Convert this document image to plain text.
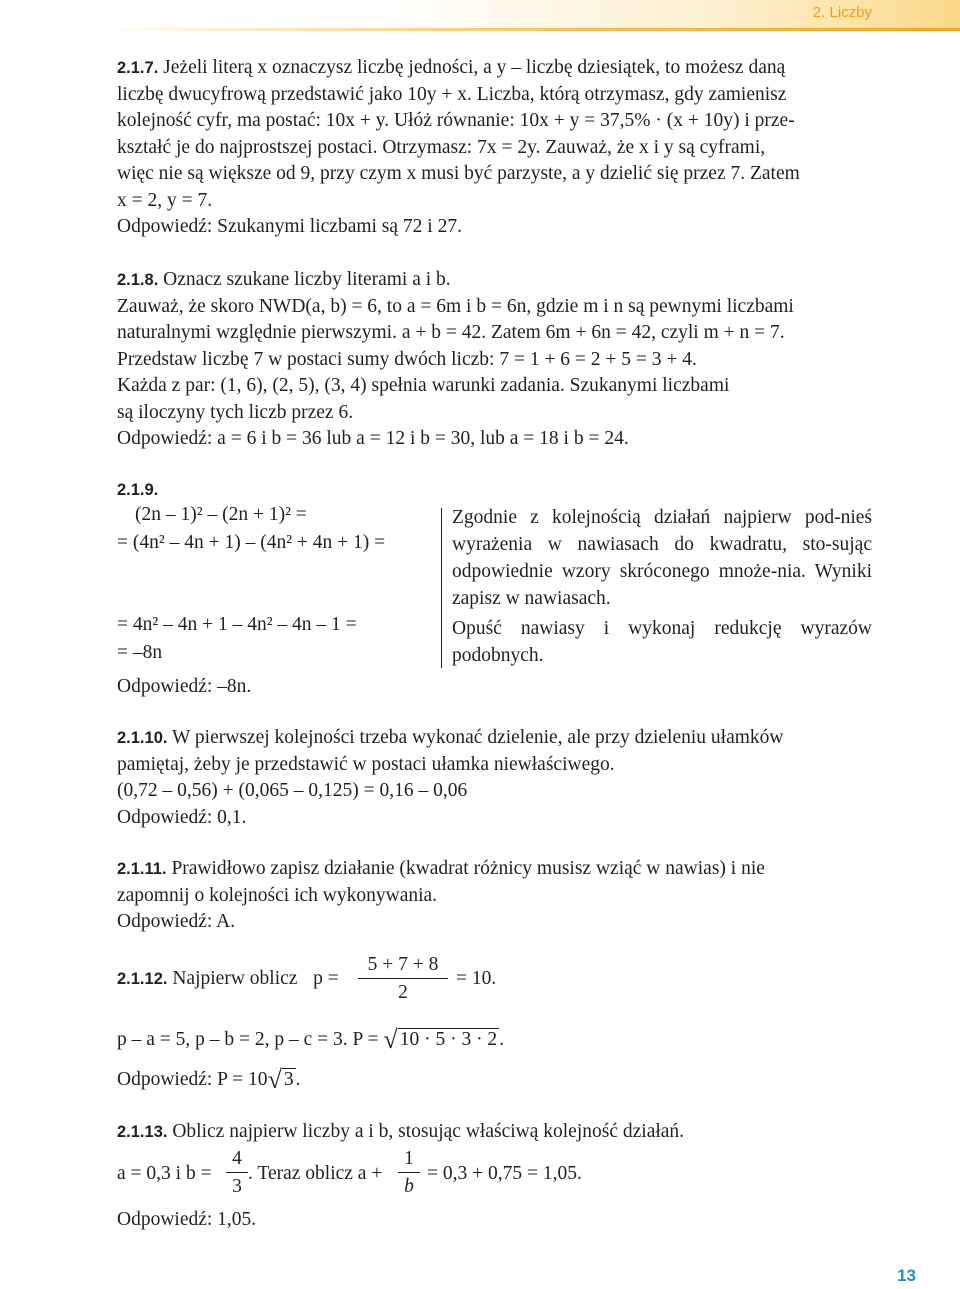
2. Liczby

2.1.7. Jeżeli literą x oznaczysz liczbę jedności, a y – liczbę dziesiątek, to możesz daną

liczbę dwucyfrową przedstawić jako 10y + x. Liczba, którą otrzymasz, gdy zamienisz

kolejność cyfr, ma postać: 10x + y. Ułóż równanie: 10x + y = 37,5% · (x + 10y) i prze-

kształć je do najprostszej postaci. Otrzymasz: 7x = 2y. Zauważ, że x i y są cyframi,

więc nie są większe od 9, przy czym x musi być parzyste, a y dzielić się przez 7. Zatem

x = 2, y = 7.

Odpowiedź: Szukanymi liczbami są 72 i 27.

2.1.8. Oznacz szukane liczby literami a i b.

Zauważ, że skoro NWD(a, b) = 6, to a = 6m i b = 6n, gdzie m i n są pewnymi liczbami

naturalnymi względnie pierwszymi. a + b = 42. Zatem 6m + 6n = 42, czyli m + n = 7.

Przedstaw liczbę 7 w postaci sumy dwóch liczb: 7 = 1 + 6 = 2 + 5 = 3 + 4.

Każda z par: (1, 6), (2, 5), (3, 4) spełnia warunki zadania. Szukanymi liczbami

są iloczyny tych liczb przez 6.

Odpowiedź: a = 6 i b = 36 lub a = 12 i b = 30, lub a = 18 i b = 24.

2.1.9.
(2n – 1)² – (2n + 1)² =
= (4n² – 4n + 1) – (4n² + 4n + 1) =
= 4n² – 4n + 1 – 4n² – 4n – 1 =
= –8n
Odpowiedź: –8n.
Zgodnie z kolejnością działań najpierw pod-nieś wyrażenia w nawiasach do kwadratu, sto-sując odpowiednie wzory skróconego mnoże-nia. Wyniki zapisz w nawiasach.
Opuść nawiasy i wykonaj redukcję wyrazów podobnych.

2.1.10. W pierwszej kolejności trzeba wykonać dzielenie, ale przy dzieleniu ułamków

pamiętaj, żeby je przedstawić w postaci ułamka niewłaściwego.

(0,72 – 0,56) + (0,065 – 0,125) = 0,16 – 0,06

Odpowiedź: 0,1.

2.1.11. Prawidłowo zapisz działanie (kwadrat różnicy musisz wziąć w nawias) i nie

zapomnij o kolejności ich wykonywania.

Odpowiedź: A.

2.1.12. Najpierw oblicz $p = \frac{5 + 7 + 8}{2} = 10$.
p – a = 5, p – b = 2, p – c = 3. P = √ 10 · 5 · 3 · 2 .
Odpowiedź: P = 10√ 3 .
2.1.13. Oblicz najpierw liczby a i b, stosując właściwą kolejność działań.
a = 0,3 i $b = \frac{4}{3}$ . Teraz oblicz $a + \frac{1}{b} = 0,3 + 0,75 = 1,05$.
Odpowiedź: 1,05.
13
